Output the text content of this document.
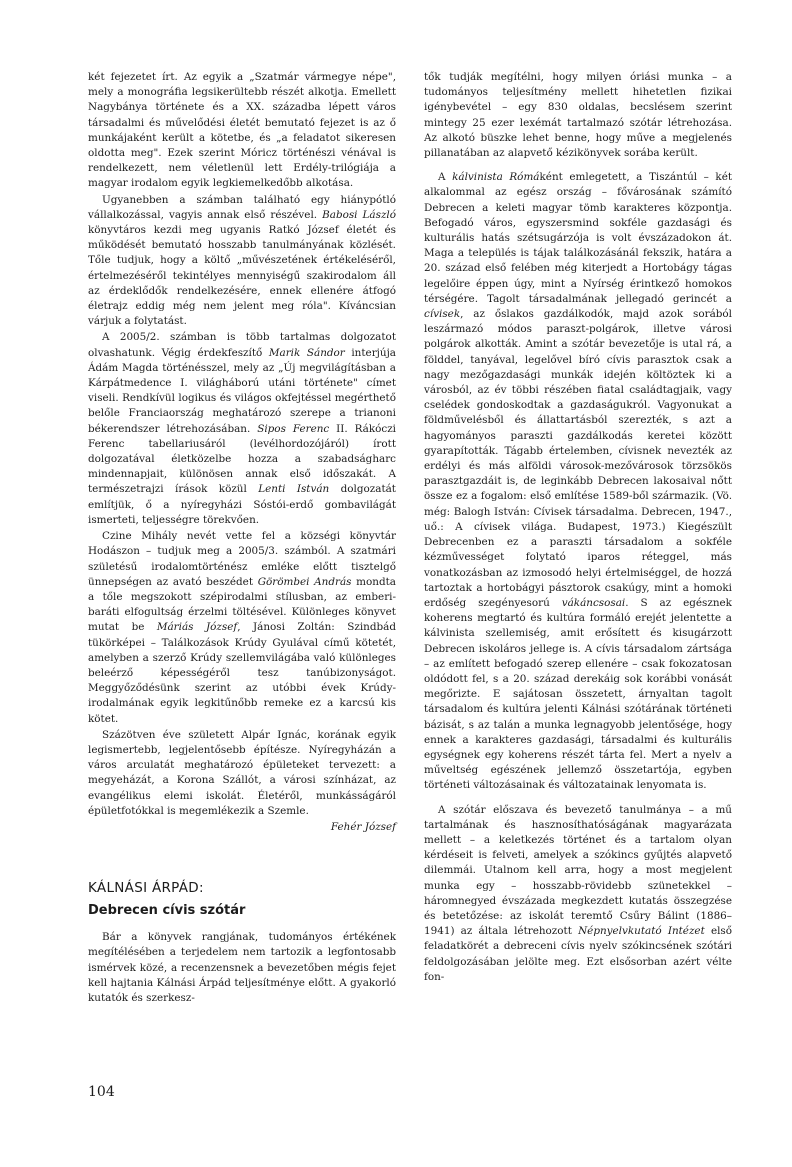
két fejezetet írt. Az egyik a „Szatmár vármegye népe", mely a monográfia legsikerültebb részét alkotja. Emellett Nagybánya története és a XX. századba lépett város társadalmi és művelődési életét bemutató fejezet is az ő munkájaként került a kötetbe, és „a feladatot sikeresen oldotta meg". Ezek szerint Móricz történészi vénával is rendelkezett, nem véletlenül lett Erdély-trilógiája a magyar irodalom egyik legkiemelkedőbb alkotása.

Ugyanebben a számban található egy hiánypótló vállalkozással, vagyis annak első részével. Babosi László könyvtáros kezdi meg ugyanis Ratkó József életét és működését bemutató hosszabb tanulmányának közlését. Tőle tudjuk, hogy a költő „művészetének értékeléséről, értelmezéséről tekintélyes mennyiségű szakirodalom áll az érdeklődők rendelkezésére, ennek ellenére átfogó életrajz eddig még nem jelent meg róla". Kíváncsian várjuk a folytatást.

A 2005/2. számban is több tartalmas dolgozatot olvashatunk. Végig érdekfeszítő Marik Sándor interjúja Ádám Magda történésszel, mely az „Új megvilágításban a Kárpátmedence I. világháború utáni története" címet viseli. Rendkívül logikus és világos okfejtéssel megérthető belőle Franciaország meghatározó szerepe a trianoni békerendszer létrehozásában. Sipos Ferenc II. Rákóczi Ferenc tabellariusáról (levélhordozójáról) írott dolgozatával életközelbe hozza a szabadságharc mindennapjait, különösen annak első időszakát. A természetrajzi írások közül Lenti István dolgozatát említjük, ő a nyíregyházi Sóstói-erdő gombavilágát ismerteti, teljességre törekvően.

Czine Mihály nevét vette fel a községi könyvtár Hodászon – tudjuk meg a 2005/3. számból. A szatmári születésű irodalomtörténész emléke előtt tisztelgő ünnepségen az avató beszédet Görömbei András mondta a tőle megszokott szépirodalmi stílusban, az emberi-baráti elfogultság érzelmi töltésével. Különleges könyvet mutat be Máriás József, Jánosi Zoltán: Szindbád tükörképei – Találkozások Krúdy Gyulával című kötetét, amelyben a szerző Krúdy szellemvilágába való különleges beleérző képességéről tesz tanúbizonyságot. Meggyőződésünk szerint az utóbbi évek Krúdy-irodalmának egyik legkitűnőbb remeke ez a karcsú kis kötet.

Százötven éve született Alpár Ignác, korának egyik legismertebb, legjelentősebb építésze. Nyíregyházán a város arculatát meghatározó épületeket tervezett: a megyeházát, a Korona Szállót, a városi színházat, az evangélikus elemi iskolát. Életéről, munkásságáról épületfotókkal is megemlékezik a Szemle.

Fehér József

KÁLNÁSI ÁRPÁD:
Debrecen cívis szótár

Bár a könyvek rangjának, tudományos értékének megítélésében a terjedelem nem tartozik a legfontosabb ismérvek közé, a recenzensnek a bevezetőben mégis fejet kell hajtania Kálnási Árpád teljesítménye előtt. A gyakorló kutatók és szerkesz-

tők tudják megítélni, hogy milyen óriási munka – a tudományos teljesítmény mellett hihetetlen fizikai igénybevétel – egy 830 oldalas, becslésem szerint mintegy 25 ezer lexémát tartalmazó szótár létrehozása. Az alkotó büszke lehet benne, hogy műve a megjelenés pillanatában az alapvető kézikönyvek sorába került.

A kálvinista Rómáként emlegetett, a Tiszántúl – két alkalommal az egész ország – fővárosának számító Debrecen a keleti magyar tömb karakteres központja. Befogadó város, egyszersmind sokféle gazdasági és kulturális hatás szétsugárzója is volt évszázadokon át. Maga a település is tájak találkozásánál fekszik, határa a 20. század első felében még kiterjedt a Hortobágy tágas legelőire éppen úgy, mint a Nyírség érintkező homokos térségére. Tagolt társadalmának jellegadó gerincét a cívisek, az őslakos gazdálkodók, majd azok sorából leszármazó módos paraszt-polgárok, illetve városi polgárok alkották. Amint a szótár bevezetője is utal rá, a földdel, tanyával, legelővel bíró cívis parasztok csak a nagy mezőgazdasági munkák idején költöztek ki a városból, az év többi részében fiatal családtagjaik, vagy cselédek gondoskodtak a gazdaságukról. Vagyonukat a földművelésből és állattartásból szerezték, s azt a hagyományos paraszti gazdálkodás keretei között gyarapították. Tágabb értelemben, cívisnek nevezték az erdélyi és más alföldi városok-mezővárosok törzsökös parasztgazdáit is, de leginkább Debrecen lakosaival nőtt össze ez a fogalom: első említése 1589-ből származik. (Vö. még: Balogh István: Cívisek társadalma. Debrecen, 1947., uő.: A cívisek világa. Budapest, 1973.) Kiegészült Debrecenben ez a paraszti társadalom a sokféle kézművességet folytató iparos réteggel, más vonatkozásban az izmosodó helyi értelmiséggel, de hozzá tartoztak a hortobágyi pásztorok csakúgy, mint a homoki erdőség szegényesorú vákáncsosai. S az egésznek koherens megtartó és kultúra formáló erejét jelentette a kálvinista szellemiség, amit erősített és kisugárzott Debrecen iskoláros jellege is. A cívis társadalom zártsága – az említett befogadó szerep ellenére – csak fokozatosan oldódott fel, s a 20. század derekáig sok korábbi vonását megőrizte. E sajátosan összetett, árnyaltan tagolt társadalom és kultúra jelenti Kálnási szótárának történeti bázisát, s az talán a munka legnagyobb jelentősége, hogy ennek a karakteres gazdasági, társadalmi és kulturális egységnek egy koherens részét tárta fel. Mert a nyelv a műveltség egészének jellemző összetartója, egyben történeti változásainak és változatainak lenyomata is.

A szótár előszava és bevezető tanulmánya – a mű tartalmának és hasznosíthatóságának magyarázata mellett – a keletkezés történet és a tartalom olyan kérdéseit is felveti, amelyek a szókincs gyűjtés alapvető dilemmái. Utalnom kell arra, hogy a most megjelent munka egy – hosszabb-rövidebb szünetekkel – háromnegyed évszázada megkezdett kutatás összegzése és betetőzése: az iskolát teremtő Csűry Bálint (1886–1941) az általa létrehozott Népnyelvkutató Intézet első feladatkörét a debreceni cívis nyelv szókincsének szótári feldolgozásában jelölte meg. Ezt elsősorban azért vélte fon-

104
